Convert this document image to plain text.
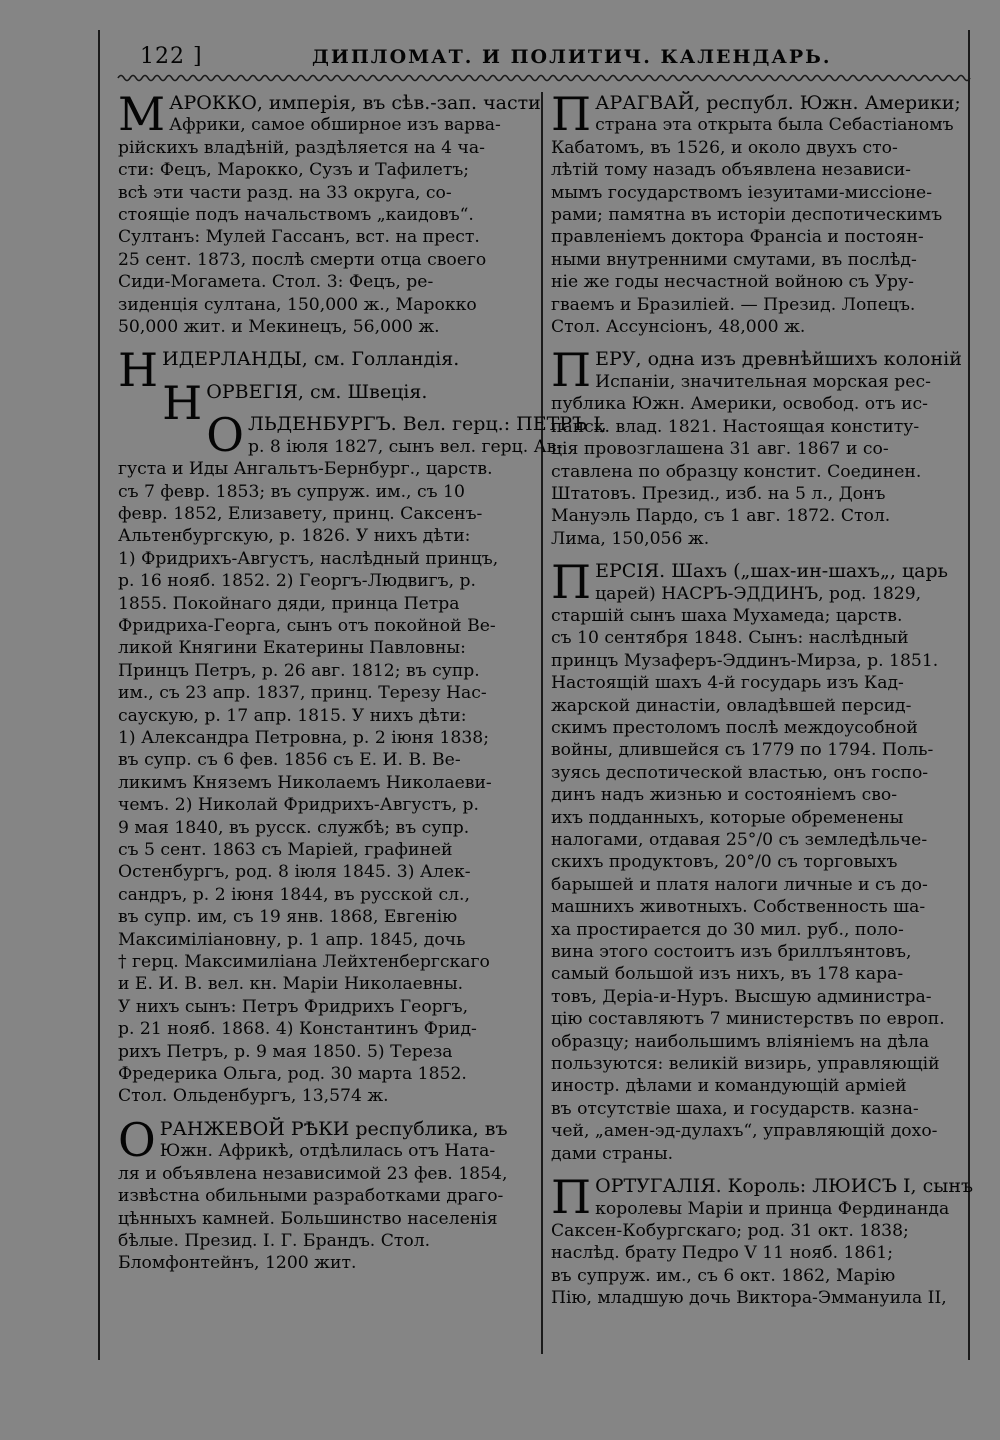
122 ]	ДИПЛОМАТ. И ПОЛИТИЧ. КАЛЕНДАРЬ.
М АРОККО, имперія, въ сѣв.-зап. части
Африки, самое обширное изъ варва-
рійскихъ владѣній, раздѣляется на 4 ча-
сти: Фецъ, Марокко, Сузъ и Тафилетъ;
всѣ эти части разд. на 33 округа, со-
стоящіе подъ начальствомъ „каидовъ“.
Султанъ: Мулей Гассанъ, вст. на прест.
25 сент. 1873, послѣ смерти отца своего
Сиди-Могамета. Стол. 3: Фецъ, ре-
зиденція султана, 150,000 ж., Марокко
50,000 жит. и Мекинецъ, 56,000 ж.
Н ИДЕРЛАНДЫ, см. Голландія.
Н ОРВЕГІЯ, см. Швеція.
О ЛЬДЕНБУРГЪ. Вел. герц.: ПЕТРЪ I,
р. 8 іюля 1827, сынъ вел. герц. Ав-
густа и Иды Ангальтъ-Бернбург., царств.
съ 7 февр. 1853; въ супруж. им., съ 10
февр. 1852, Елизавету, принц. Саксенъ-
Альтенбургскую, р. 1826. У нихъ дѣти:
1) Фридрихъ-Августъ, наслѣдный принцъ,
р. 16 нояб. 1852. 2) Георгъ-Людвигъ, р.
1855. Покойнаго дяди, принца Петра
Фридриха-Георга, сынъ отъ покойной Ве-
ликой Княгини Екатерины Павловны:
Принцъ Петръ, р. 26 авг. 1812; въ супр.
им., съ 23 апр. 1837, принц. Терезу Нас-
саускую, р. 17 апр. 1815. У нихъ дѣти:
1) Александра Петровна, р. 2 іюня 1838;
въ супр. съ 6 фев. 1856 съ Е. И. В. Ве-
ликимъ Княземъ Николаемъ Николаеви-
чемъ. 2) Николай Фридрихъ-Августъ, р.
9 мая 1840, въ русск. службѣ; въ супр.
съ 5 сент. 1863 съ Маріей, графиней
Остенбургъ, род. 8 іюля 1845. 3) Алек-
сандръ, р. 2 іюня 1844, въ русской сл.,
въ супр. им, съ 19 янв. 1868, Евгенію
Максиміліановну, р. 1 апр. 1845, дочь
† герц. Максимиліана Лейхтенбергскаго
и Е. И. В. вел. кн. Маріи Николаевны.
У нихъ сынъ: Петръ Фридрихъ Георгъ,
р. 21 нояб. 1868. 4) Константинъ Фрид-
рихъ Петръ, р. 9 мая 1850. 5) Тереза
Фредерика Ольга, род. 30 марта 1852.
Стол. Ольденбургъ, 13,574 ж.
О РАНЖЕВОЙ РѢКИ республика, въ
Южн. Африкѣ, отдѣлилась отъ Ната-
ля и объявлена независимой 23 фев. 1854,
извѣстна обильными разработками драго-
цѣнныхъ камней. Большинство населенія
бѣлые. Презид. I. Г. Брандъ. Стол.
Бломфонтейнъ, 1200 жит.
П АРАГВАЙ, республ. Южн. Америки;
страна эта открыта была Себастіаномъ
Кабатомъ, въ 1526, и около двухъ сто-
лѣтій тому назадъ объявлена независи-
мымъ государствомъ іезуитами-миссіоне-
рами; памятна въ исторіи деспотическимъ
правленіемъ доктора Франсіа и постоян-
ными внутренними смутами, въ послѣд-
ніе же годы несчастной войною съ Уру-
гваемъ и Бразиліей. — Презид. Лопецъ.
Стол. Ассунсіонъ, 48,000 ж.
П ЕРУ, одна изъ древнѣйшихъ колоній
Испаніи, значительная морская рес-
публика Южн. Америки, освобод. отъ ис-
панск. влад. 1821. Настоящая конститу-
ція провозглашена 31 авг. 1867 и со-
ставлена по образцу констит. Соединен.
Штатовъ. Презид., изб. на 5 л., Донъ
Мануэль Пардо, съ 1 авг. 1872. Стол.
Лима, 150,056 ж.
П ЕРСІЯ. Шахъ („шах-ин-шахъ„, царь
царей) НАСРЪ-ЭДДИНЪ, род. 1829,
старшій сынъ шаха Мухамеда; царств.
съ 10 сентября 1848. Сынъ: наслѣдный
принцъ Музаферъ-Эддинъ-Мирза, р. 1851.
Настоящій шахъ 4-й государь изъ Кад-
жарской династіи, овладѣвшей персид-
скимъ престоломъ послѣ междоусобной
войны, длившейся съ 1779 по 1794. Поль-
зуясь деспотической властью, онъ госпо-
динъ надъ жизнью и состояніемъ сво-
ихъ подданныхъ, которые обременены
налогами, отдавая 25°/0 съ земледѣльче-
скихъ продуктовъ, 20°/0 съ торговыхъ
барышей и платя налоги личные и съ до-
машнихъ животныхъ. Собственность ша-
ха простирается до 30 мил. руб., поло-
вина этого состоитъ изъ бриллъянтовъ,
самый большой изъ нихъ, въ 178 кара-
товъ, Деріа-и-Нуръ. Высшую администра-
цію составляютъ 7 министерствъ по европ.
образцу; наибольшимъ вліяніемъ на дѣла
пользуются: великій визирь, управляющій
иностр. дѣлами и командующій арміей
въ отсутствіе шаха, и государств. казна-
чей, „амен-эд-дулахъ“, управляющій дохо-
дами страны.
П ОРТУГАЛІЯ. Король: ЛЮИСЪ I, сынъ
королевы Маріи и принца Фердинанда
Саксен-Кобургскаго; род. 31 окт. 1838;
наслѣд. брату Педро V 11 нояб. 1861;
въ супруж. им., съ 6 окт. 1862, Марію
Пію, младшую дочь Виктора-Эммануила II,
